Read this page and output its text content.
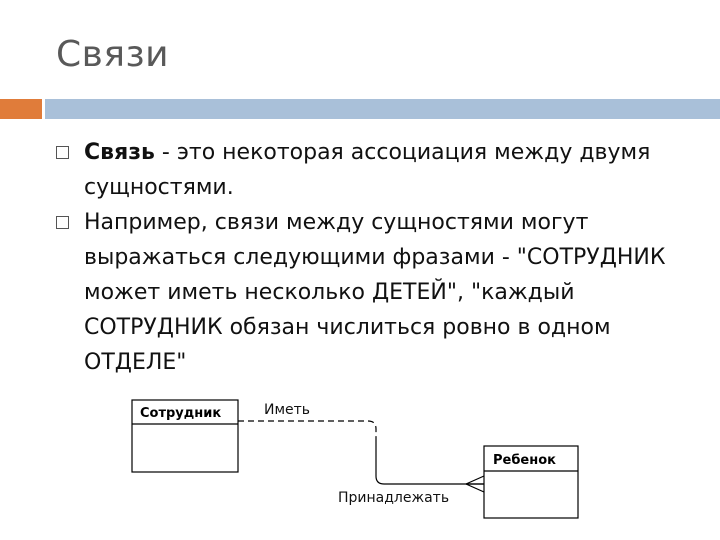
Связи
Связь - это некоторая ассоциация между двумя сущностями.
Например, связи между сущностями могут выражаться следующими фразами - "СОТРУДНИК может иметь несколько ДЕТЕЙ", "каждый СОТРУДНИК обязан числиться ровно в одном ОТДЕЛЕ"
Сотрудник
Ребенок
Иметь
Принадлежать
